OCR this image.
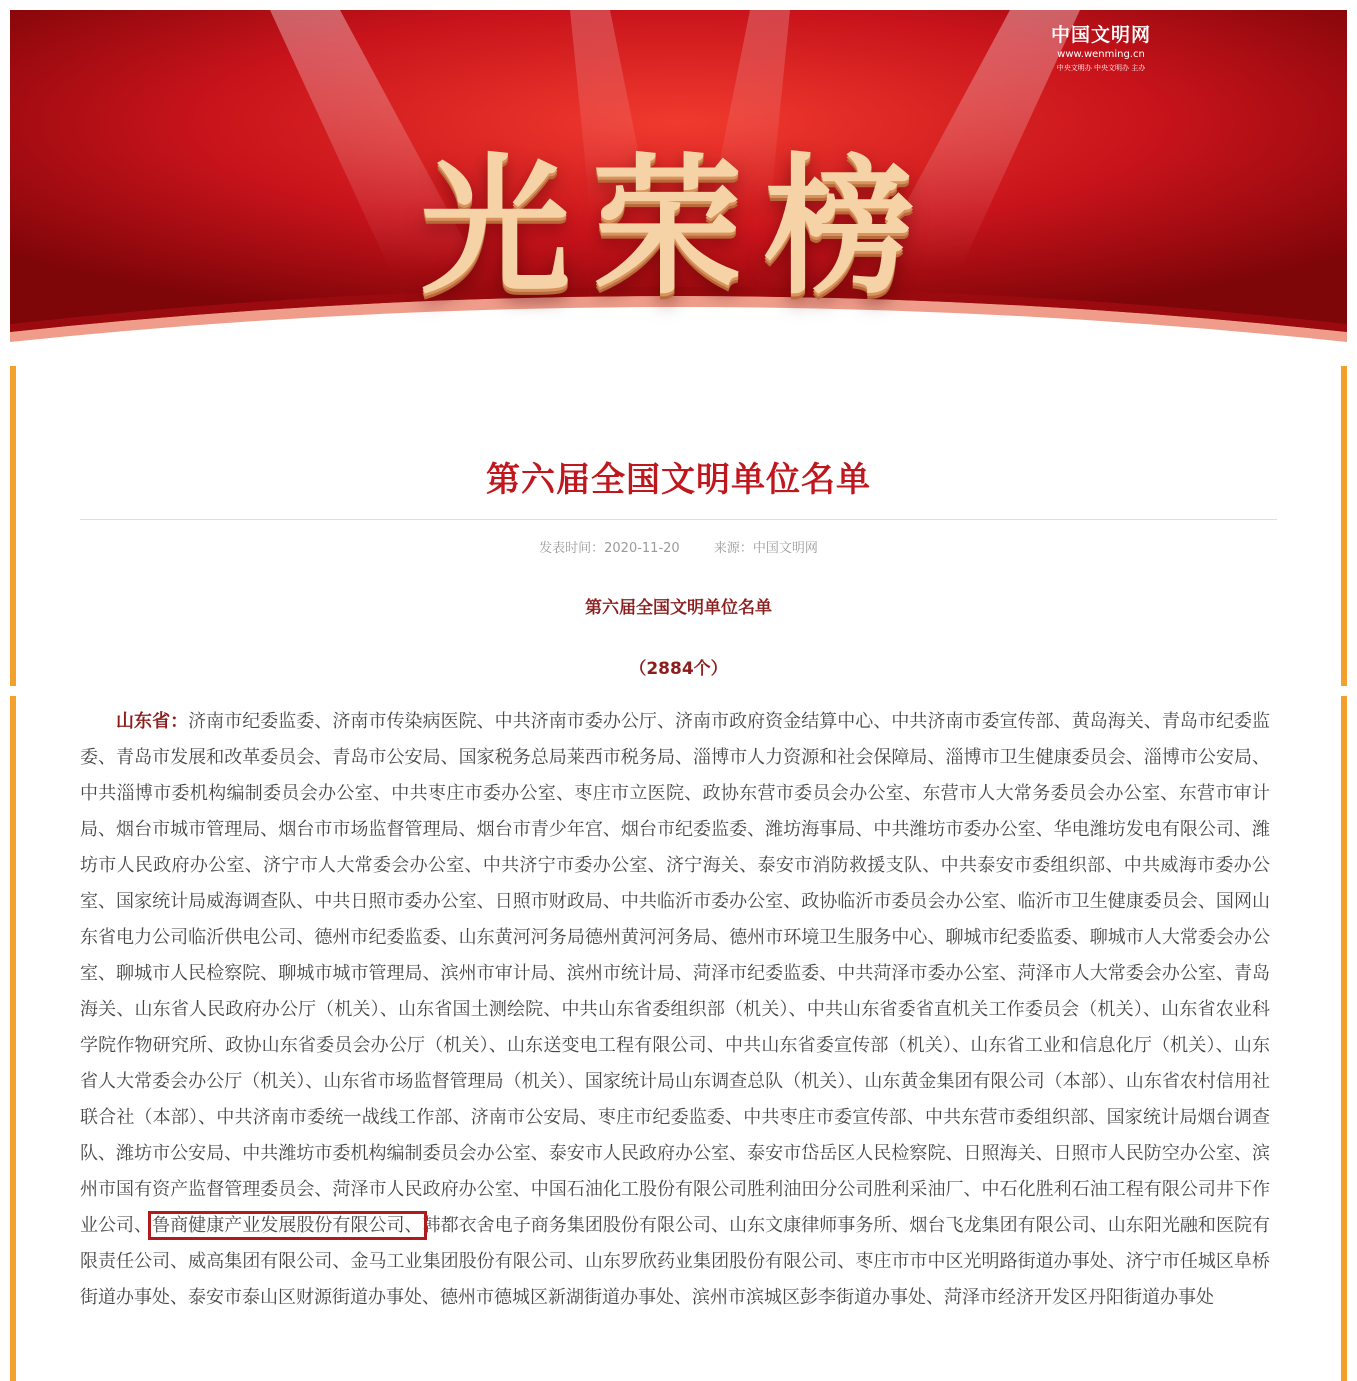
光荣榜
中国文明网
www.wenming.cn
中央文明办 中央文明办 主办
第六届全国文明单位名单
发表时间：2020-11-20	来源：中国文明网
第六届全国文明单位名单
（2884个）
山东省：济南市纪委监委、济南市传染病医院、中共济南市委办公厅、济南市政府资金结算中心、中共济南市委宣传部、黄岛海关、青岛市纪委监委、青岛市发展和改革委员会、青岛市公安局、国家税务总局莱西市税务局、淄博市人力资源和社会保障局、淄博市卫生健康委员会、淄博市公安局、中共淄博市委机构编制委员会办公室、中共枣庄市委办公室、枣庄市立医院、政协东营市委员会办公室、东营市人大常务委员会办公室、东营市审计局、烟台市城市管理局、烟台市市场监督管理局、烟台市青少年宫、烟台市纪委监委、潍坊海事局、中共潍坊市委办公室、华电潍坊发电有限公司、潍坊市人民政府办公室、济宁市人大常委会办公室、中共济宁市委办公室、济宁海关、泰安市消防救援支队、中共泰安市委组织部、中共威海市委办公室、国家统计局威海调查队、中共日照市委办公室、日照市财政局、中共临沂市委办公室、政协临沂市委员会办公室、临沂市卫生健康委员会、国网山东省电力公司临沂供电公司、德州市纪委监委、山东黄河河务局德州黄河河务局、德州市环境卫生服务中心、聊城市纪委监委、聊城市人大常委会办公室、聊城市人民检察院、聊城市城市管理局、滨州市审计局、滨州市统计局、菏泽市纪委监委、中共菏泽市委办公室、菏泽市人大常委会办公室、青岛海关、山东省人民政府办公厅（机关）、山东省国土测绘院、中共山东省委组织部（机关）、中共山东省委省直机关工作委员会（机关）、山东省农业科学院作物研究所、政协山东省委员会办公厅（机关）、山东送变电工程有限公司、中共山东省委宣传部（机关）、山东省工业和信息化厅（机关）、山东省人大常委会办公厅（机关）、山东省市场监督管理局（机关）、国家统计局山东调查总队（机关）、山东黄金集团有限公司（本部）、山东省农村信用社联合社（本部）、中共济南市委统一战线工作部、济南市公安局、枣庄市纪委监委、中共枣庄市委宣传部、中共东营市委组织部、国家统计局烟台调查队、潍坊市公安局、中共潍坊市委机构编制委员会办公室、泰安市人民政府办公室、泰安市岱岳区人民检察院、日照海关、日照市人民防空办公室、滨州市国有资产监督管理委员会、菏泽市人民政府办公室、中国石油化工股份有限公司胜利油田分公司胜利采油厂、中石化胜利石油工程有限公司井下作业公司、鲁商健康产业发展股份有限公司、韩都衣舍电子商务集团股份有限公司、山东文康律师事务所、烟台飞龙集团有限公司、山东阳光融和医院有限责任公司、威高集团有限公司、金马工业集团股份有限公司、山东罗欣药业集团股份有限公司、枣庄市市中区光明路街道办事处、济宁市任城区阜桥街道办事处、泰安市泰山区财源街道办事处、德州市德城区新湖街道办事处、滨州市滨城区彭李街道办事处、菏泽市经济开发区丹阳街道办事处
